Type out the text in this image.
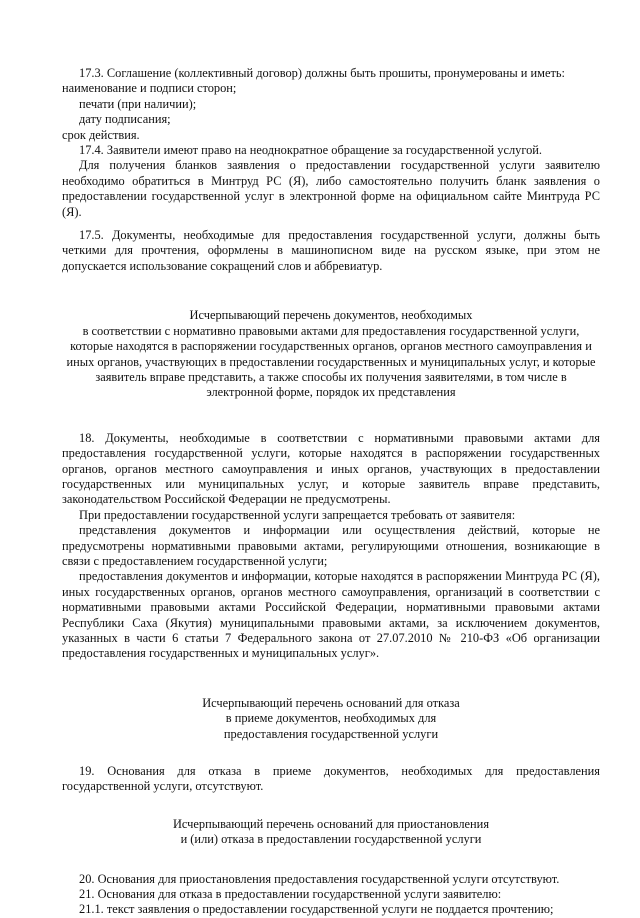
17.3. Соглашение (коллективный договор) должны быть прошиты, пронумерованы и иметь:

наименование и подписи сторон;

печати (при наличии);

дату подписания;

срок действия.

17.4. Заявители имеют право на неоднократное обращение за государственной услугой.

Для получения бланков заявления о предоставлении государственной услуги заявителю необходимо обратиться в Минтруд РС (Я), либо самостоятельно получить бланк заявления о предоставлении государственной услуг в электронной форме на официальном сайте Минтруда РС (Я).

17.5. Документы, необходимые для предоставления государственной услуги, должны быть четкими для прочтения, оформлены в машинописном виде на русском языке, при этом не допускается использование сокращений слов и аббревиатур.

Исчерпывающий перечень документов, необходимых

в соответствии с нормативно правовыми актами для предоставления государственной услуги, которые находятся в распоряжении государственных органов, органов местного самоуправления и иных органов, участвующих в предоставлении государственных и муниципальных услуг, и которые заявитель вправе представить, а также способы их получения заявителями, в том числе в электронной форме, порядок их представления

18. Документы, необходимые в соответствии с нормативными правовыми актами для предоставления государственной услуги, которые находятся в распоряжении государственных органов, органов местного самоуправления и иных органов, участвующих в предоставлении государственных или муниципальных услуг, и которые заявитель вправе представить, законодательством Российской Федерации не предусмотрены.

При предоставлении государственной услуги запрещается требовать от заявителя:

представления документов и информации или осуществления действий, которые не предусмотрены нормативными правовыми актами, регулирующими отношения, возникающие в связи с предоставлением государственной услуги;

предоставления документов и информации, которые находятся в распоряжении Минтруда РС (Я), иных государственных органов, органов местного самоуправления, организаций в соответствии с нормативными правовыми актами Российской Федерации, нормативными правовыми актами Республики Саха (Якутия) муниципальными правовыми актами, за исключением документов, указанных в части 6 статьи 7 Федерального закона от 27.07.2010 № 210-ФЗ «Об организации предоставления государственных и муниципальных услуг».

Исчерпывающий перечень оснований для отказа

в приеме документов, необходимых для

предоставления государственной услуги

19. Основания для отказа в приеме документов, необходимых для предоставления государственной услуги, отсутствуют.

Исчерпывающий перечень оснований для приостановления

и (или) отказа в предоставлении государственной услуги

20. Основания для приостановления предоставления государственной услуги отсутствуют.

21. Основания для отказа в предоставлении государственной услуги заявителю:

21.1. текст заявления о предоставлении государственной услуги не поддается прочтению;
